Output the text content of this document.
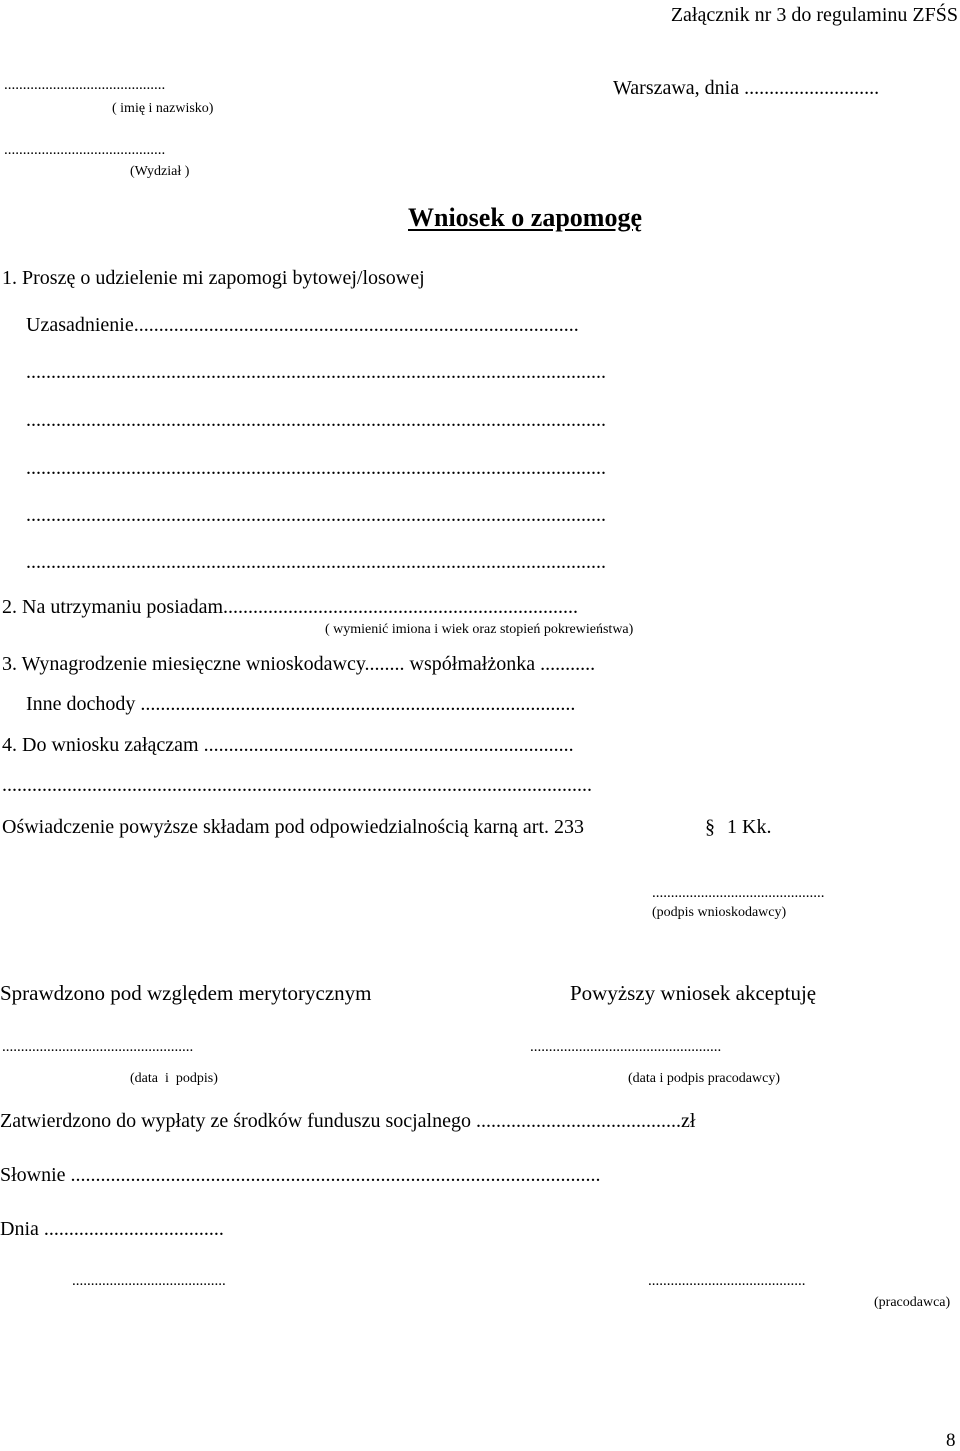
Załącznik nr 3 do regulaminu ZFŚS
...........................................
( imię i nazwisko)
Warszawa, dnia ...........................
...........................................
(Wydział )
Wniosek o zapomogę
1. Proszę o udzielenie mi zapomogi bytowej/losowej
Uzasadnienie.........................................................................................
....................................................................................................................
....................................................................................................................
....................................................................................................................
....................................................................................................................
....................................................................................................................
2. Na utrzymaniu posiadam.......................................................................
( wymienić imiona i wiek oraz stopień pokrewieństwa)
3. Wynagrodzenie miesięczne wnioskodawcy........ współmałżonka ...........
Inne dochody .......................................................................................
4. Do wniosku załączam ..........................................................................
......................................................................................................................
Oświadczenie powyższe składam pod odpowiedzialnością karną art. 233	§ 1 Kk.
..............................................
(podpis wnioskodawcy)
Sprawdzono pod względem merytorycznym	Powyższy wniosek akceptuję
...................................................	...................................................
(data  i  podpis)	(data i podpis pracodawcy)
Zatwierdzono do wypłaty ze środków funduszu socjalnego .........................................zł
Słownie ..........................................................................................................
Dnia ....................................
.........................................	..........................................
(pracodawca)
8
